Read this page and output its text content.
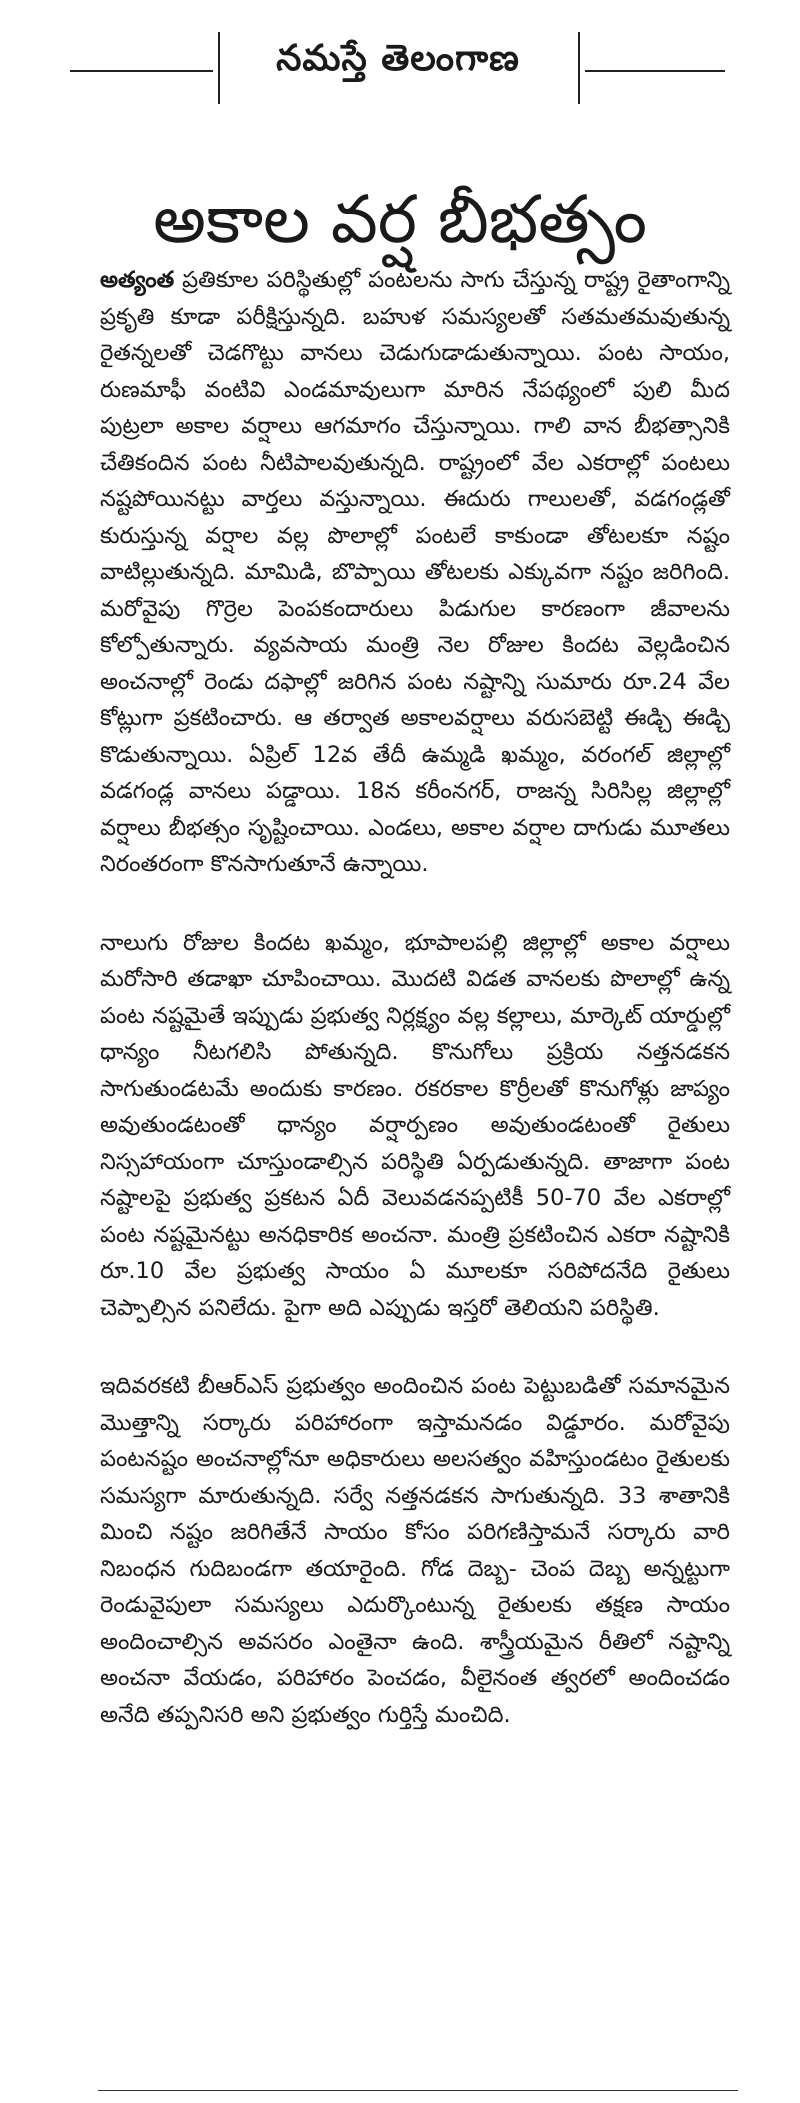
నమస్తే తెలంగాణ
అకాల వర్ష బీభత్సం

అత్యంత ప్రతికూల పరిస్థితుల్లో పంటలను సాగు చేస్తున్న రాష్ట్ర రైతాంగాన్ని ప్రకృతి కూడా పరీక్షిస్తున్నది. బహుళ సమస్యలతో సతమతమవుతున్న రైతన్నలతో చెడగొట్టు వానలు చెడుగుడాడుతున్నాయి. పంట సాయం, రుణమాఫీ వంటివి ఎండమావులుగా మారిన నేపథ్యంలో పులి మీద పుట్రలా అకాల వర్షాలు ఆగమాగం చేస్తున్నాయి. గాలి వాన బీభత్సానికి చేతికందిన పంట నీటిపాలవుతున్నది. రాష్ట్రంలో వేల ఎకరాల్లో పంటలు నష్టపోయినట్టు వార్తలు వస్తున్నాయి. ఈదురు గాలులతో, వడగండ్లతో కురుస్తున్న వర్షాల వల్ల పొలాల్లో పంటలే కాకుండా తోటలకూ నష్టం వాటిల్లుతున్నది. మామిడి, బొప్పాయి తోటలకు ఎక్కువగా నష్టం జరిగింది. మరోవైపు గొర్రెల పెంపకందారులు పిడుగుల కారణంగా జీవాలను కోల్పోతున్నారు. వ్యవసాయ మంత్రి నెల రోజుల కిందట వెల్లడించిన అంచనాల్లో రెండు దఫాల్లో జరిగిన పంట నష్టాన్ని సుమారు రూ.24 వేల కోట్లుగా ప్రకటించారు. ఆ తర్వాత అకాలవర్షాలు వరుసబెట్టి ఈడ్చి ఈడ్చి కొడుతున్నాయి. ఏప్రిల్ 12వ తేదీ ఉమ్మడి ఖమ్మం, వరంగల్ జిల్లాల్లో వడగండ్ల వానలు పడ్డాయి. 18న కరీంనగర్, రాజన్న సిరిసిల్ల జిల్లాల్లో వర్షాలు బీభత్సం సృష్టించాయి. ఎండలు, అకాల వర్షాల దాగుడు మూతలు నిరంతరంగా కొనసాగుతూనే ఉన్నాయి.

నాలుగు రోజుల కిందట ఖమ్మం, భూపాలపల్లి జిల్లాల్లో అకాల వర్షాలు మరోసారి తడాఖా చూపించాయి. మొదటి విడత వానలకు పొలాల్లో ఉన్న పంట నష్టమైతే ఇప్పుడు ప్రభుత్వ నిర్లక్ష్యం వల్ల కల్లాలు, మార్కెట్ యార్డుల్లో ధాన్యం నీటగలిసి పోతున్నది. కొనుగోలు ప్రక్రియ నత్తనడకన సాగుతుండటమే అందుకు కారణం. రకరకాల కొర్రీలతో కొనుగోళ్లు జాప్యం అవుతుండటంతో ధాన్యం వర్షార్పణం అవుతుండటంతో రైతులు నిస్సహాయంగా చూస్తుండాల్సిన పరిస్థితి ఏర్పడుతున్నది. తాజాగా పంట నష్టాలపై ప్రభుత్వ ప్రకటన ఏదీ వెలువడనప్పటికీ 50-70 వేల ఎకరాల్లో పంట నష్టమైనట్టు అనధికారిక అంచనా. మంత్రి ప్రకటించిన ఎకరా నష్టానికి రూ.10 వేల ప్రభుత్వ సాయం ఏ మూలకూ సరిపోదనేది రైతులు చెప్పాల్సిన పనిలేదు. పైగా అది ఎప్పుడు ఇస్తరో తెలియని పరిస్థితి.

ఇదివరకటి బీఆర్ఎస్ ప్రభుత్వం అందించిన పంట పెట్టుబడితో సమానమైన మొత్తాన్ని సర్కారు పరిహారంగా ఇస్తామనడం విడ్డూరం. మరోవైపు పంటనష్టం అంచనాల్లోనూ అధికారులు అలసత్వం వహిస్తుండటం రైతులకు సమస్యగా మారుతున్నది. సర్వే నత్తనడకన సాగుతున్నది. 33 శాతానికి మించి నష్టం జరిగితేనే సాయం కోసం పరిగణిస్తామనే సర్కారు వారి నిబంధన గుదిబండగా తయారైంది. గోడ దెబ్బ- చెంప దెబ్బ అన్నట్టుగా రెండువైపులా సమస్యలు ఎదుర్కొంటున్న రైతులకు తక్షణ సాయం అందించాల్సిన అవసరం ఎంతైనా ఉంది. శాస్త్రీయమైన రీతిలో నష్టాన్ని అంచనా వేయడం, పరిహారం పెంచడం, వీలైనంత త్వరలో అందించడం అనేది తప్పనిసరి అని ప్రభుత్వం గుర్తిస్తే మంచిది.
